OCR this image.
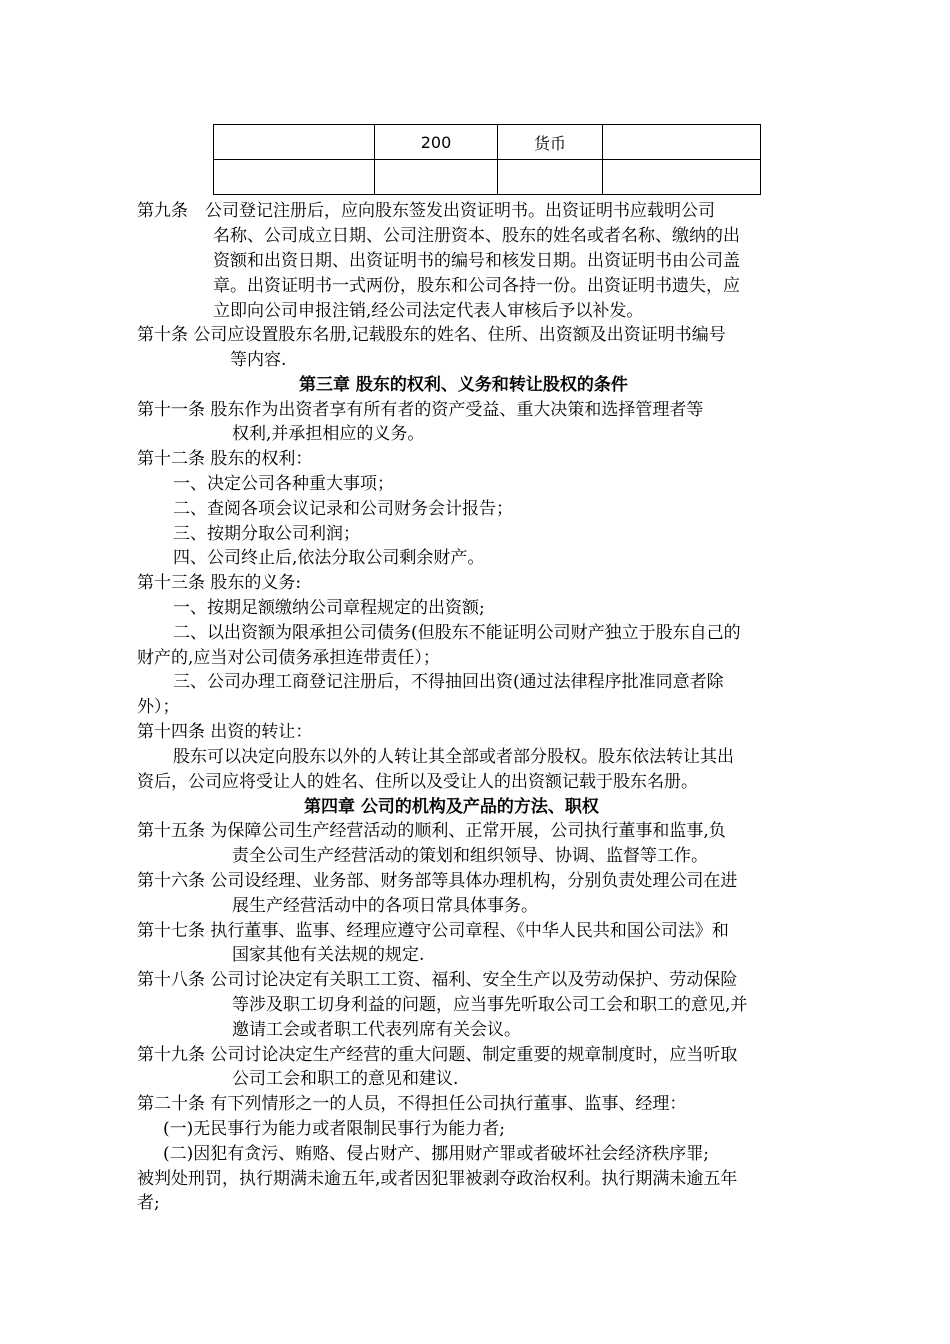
	200	货币	

第九条　公司登记注册后，应向股东签发出资证明书。出资证明书应载明公司
名称、公司成立日期、公司注册资本、股东的姓名或者名称、缴纳的出
资额和出资日期、出资证明书的编号和核发日期。出资证明书由公司盖
章。出资证明书一式两份，股东和公司各持一份。出资证明书遗失，应
立即向公司申报注销,经公司法定代表人审核后予以补发。
第十条 公司应设置股东名册,记载股东的姓名、住所、出资额及出资证明书编号
等内容.
第三章 股东的权利、义务和转让股权的条件
第十一条 股东作为出资者享有所有者的资产受益、重大决策和选择管理者等
权利,并承担相应的义务。
第十二条 股东的权利：
一、决定公司各种重大事项；
二、查阅各项会议记录和公司财务会计报告；
三、按期分取公司利润；
四、公司终止后,依法分取公司剩余财产。
第十三条 股东的义务:
一、按期足额缴纳公司章程规定的出资额;
二、以出资额为限承担公司债务(但股东不能证明公司财产独立于股东自己的
财产的,应当对公司债务承担连带责任）；
三、公司办理工商登记注册后，不得抽回出资(通过法律程序批准同意者除
外）；
第十四条 出资的转让：
股东可以决定向股东以外的人转让其全部或者部分股权。股东依法转让其出
资后，公司应将受让人的姓名、住所以及受让人的出资额记载于股东名册。
第四章 公司的机构及产品的方法、职权
第十五条 为保障公司生产经营活动的顺利、正常开展，公司执行董事和监事,负
责全公司生产经营活动的策划和组织领导、协调、监督等工作。
第十六条 公司设经理、业务部、财务部等具体办理机构，分别负责处理公司在进
展生产经营活动中的各项日常具体事务。
第十七条 执行董事、监事、经理应遵守公司章程、《中华人民共和国公司法》和
国家其他有关法规的规定.
第十八条 公司讨论决定有关职工工资、福利、安全生产以及劳动保护、劳动保险
等涉及职工切身利益的问题，应当事先听取公司工会和职工的意见,并
邀请工会或者职工代表列席有关会议。
第十九条 公司讨论决定生产经营的重大问题、制定重要的规章制度时，应当听取
公司工会和职工的意见和建议.
第二十条 有下列情形之一的人员，不得担任公司执行董事、监事、经理：
(一)无民事行为能力或者限制民事行为能力者;
(二)因犯有贪污、贿赂、侵占财产、挪用财产罪或者破坏社会经济秩序罪;
被判处刑罚，执行期满未逾五年,或者因犯罪被剥夺政治权利。执行期满未逾五年
者;
